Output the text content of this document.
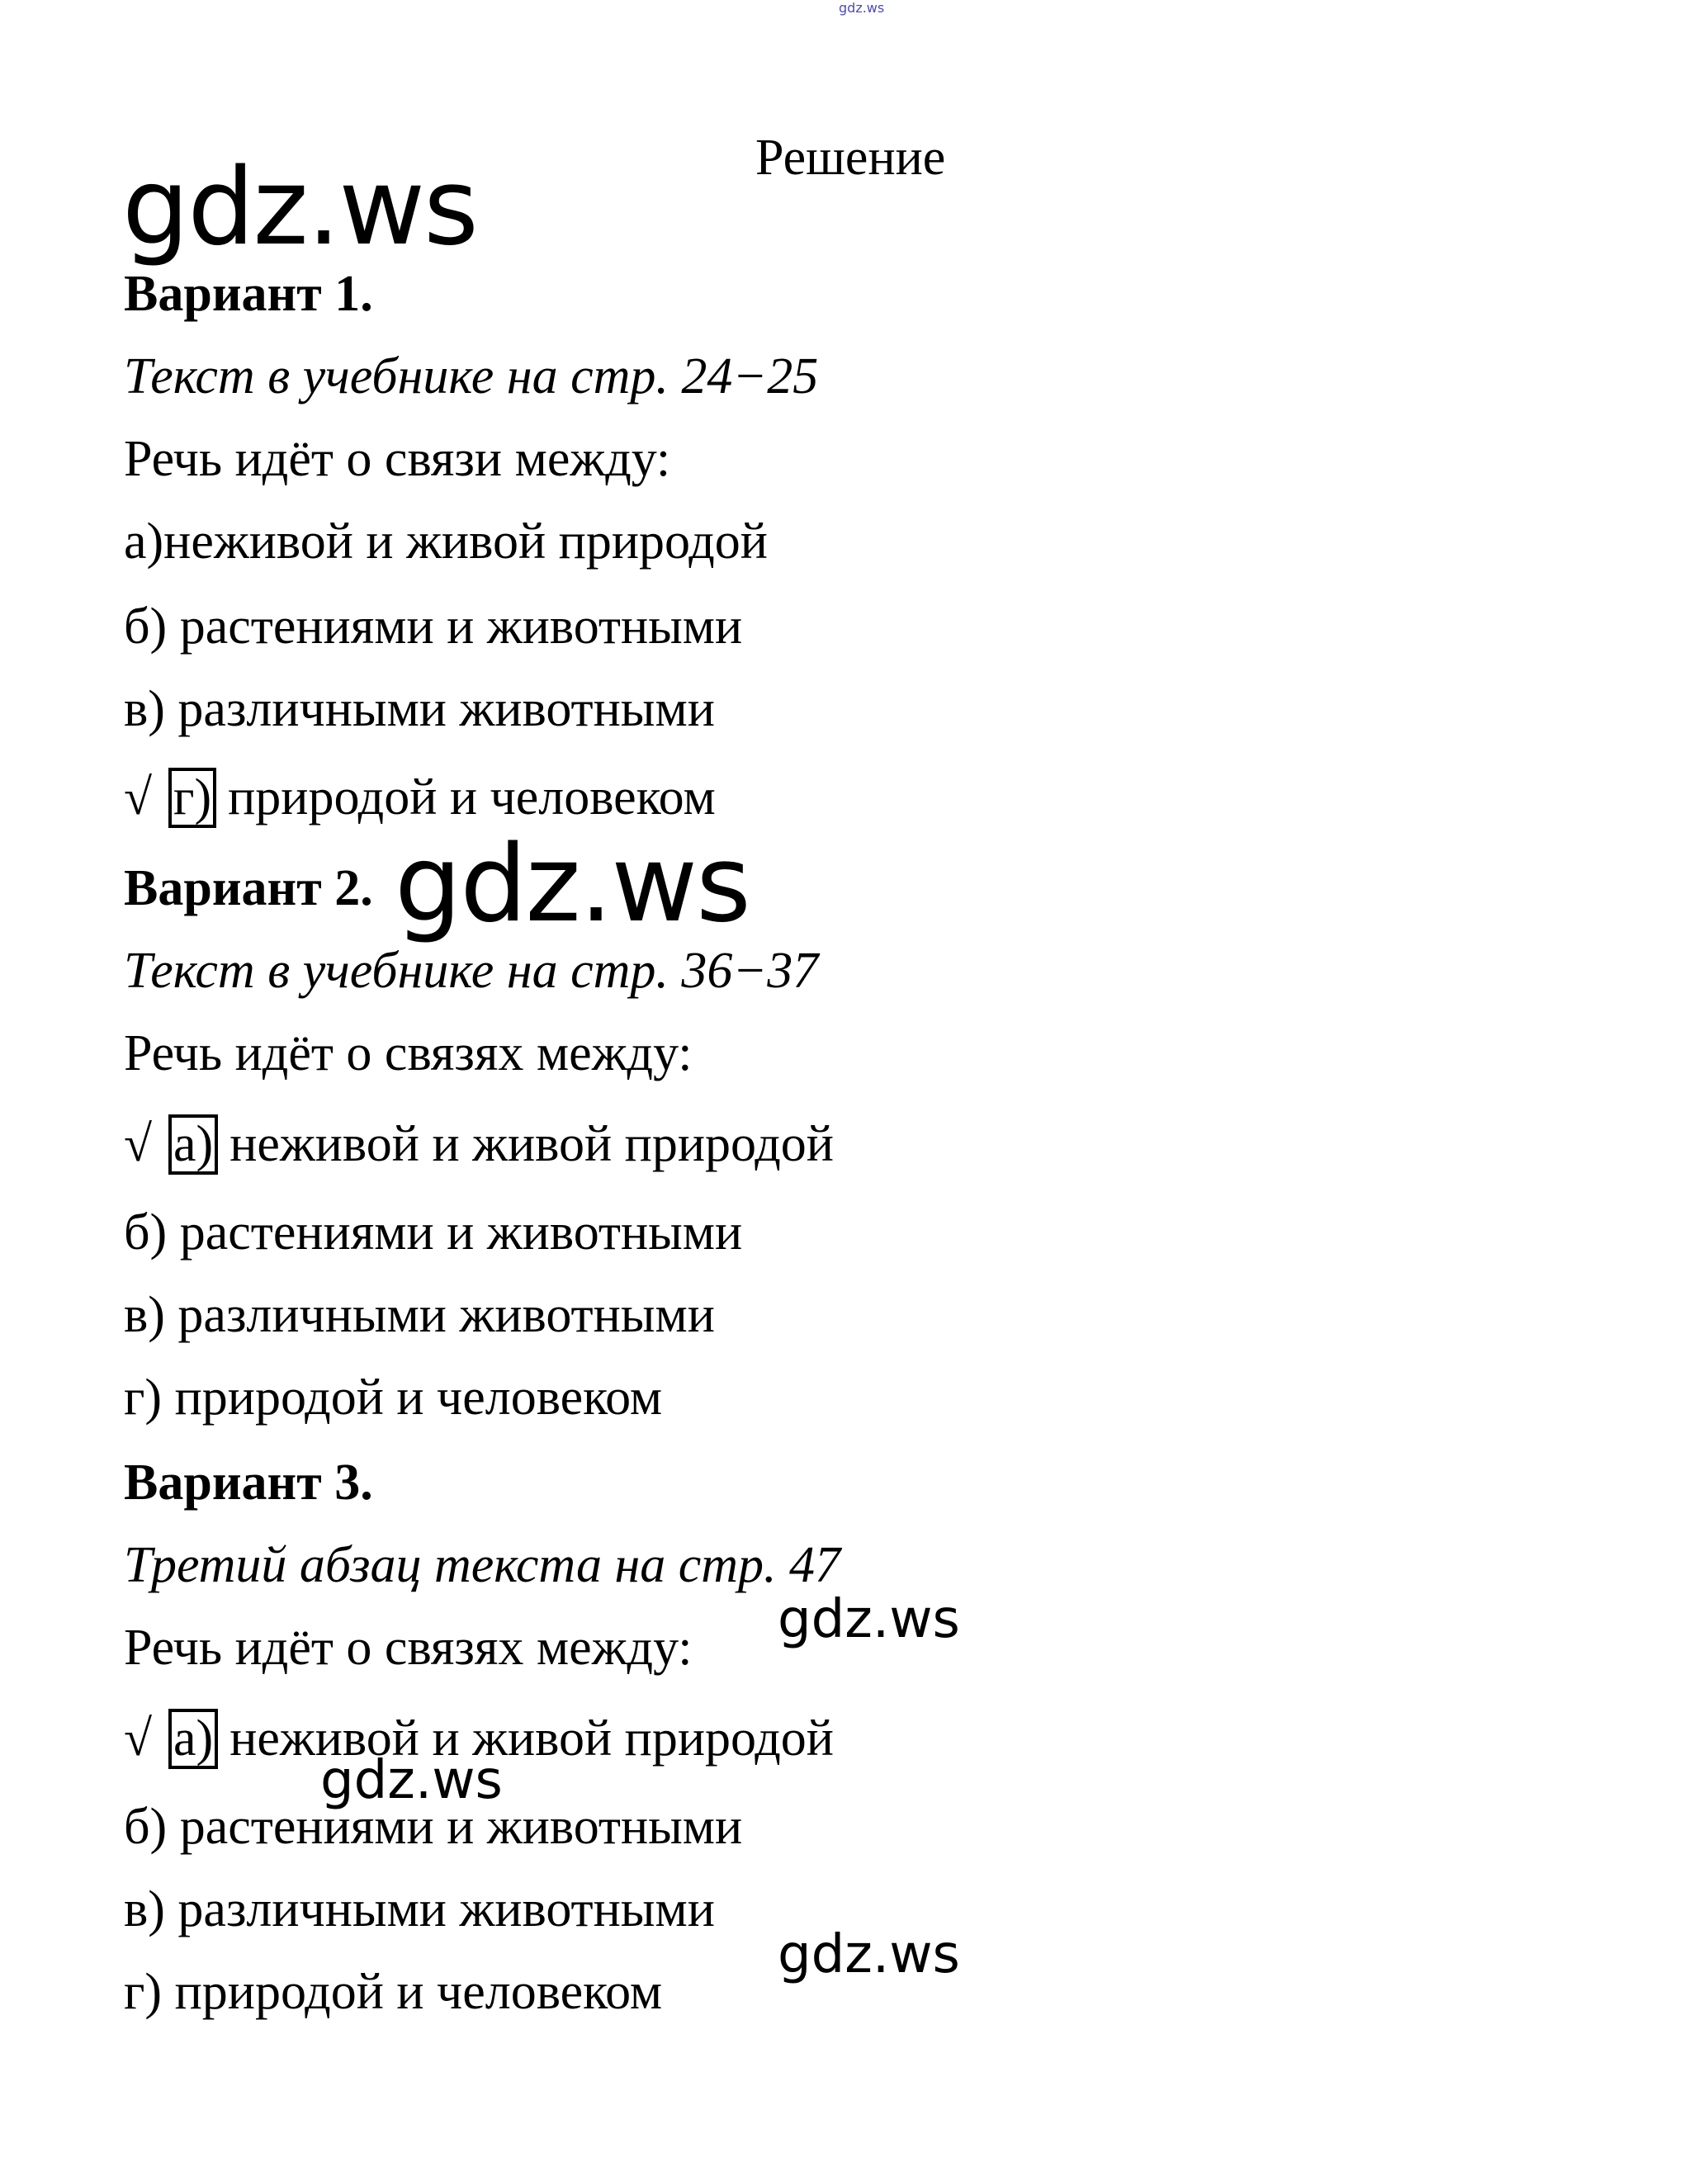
gdz.ws
Решение
gdz.ws
Вариант 1.
Текст в учебнике на стр. 24−25
Речь идёт о связи между:
а)неживой и живой природой
б) растениями и животными
в) различными животными
√ г) природой и человеком
Вариант 2. gdz.ws
Текст в учебнике на стр. 36−37
Речь идёт о связях между:
√ а) неживой и живой природой
б) растениями и животными
в) различными животными
г) природой и человеком
Вариант 3.
Третий абзац текста на стр. 47
Речь идёт о связях между: gdz.ws
√ а) неживой и живой природой
gdz.ws
б) растениями и животными
в) различными животными
gdz.ws
г) природой и человеком
